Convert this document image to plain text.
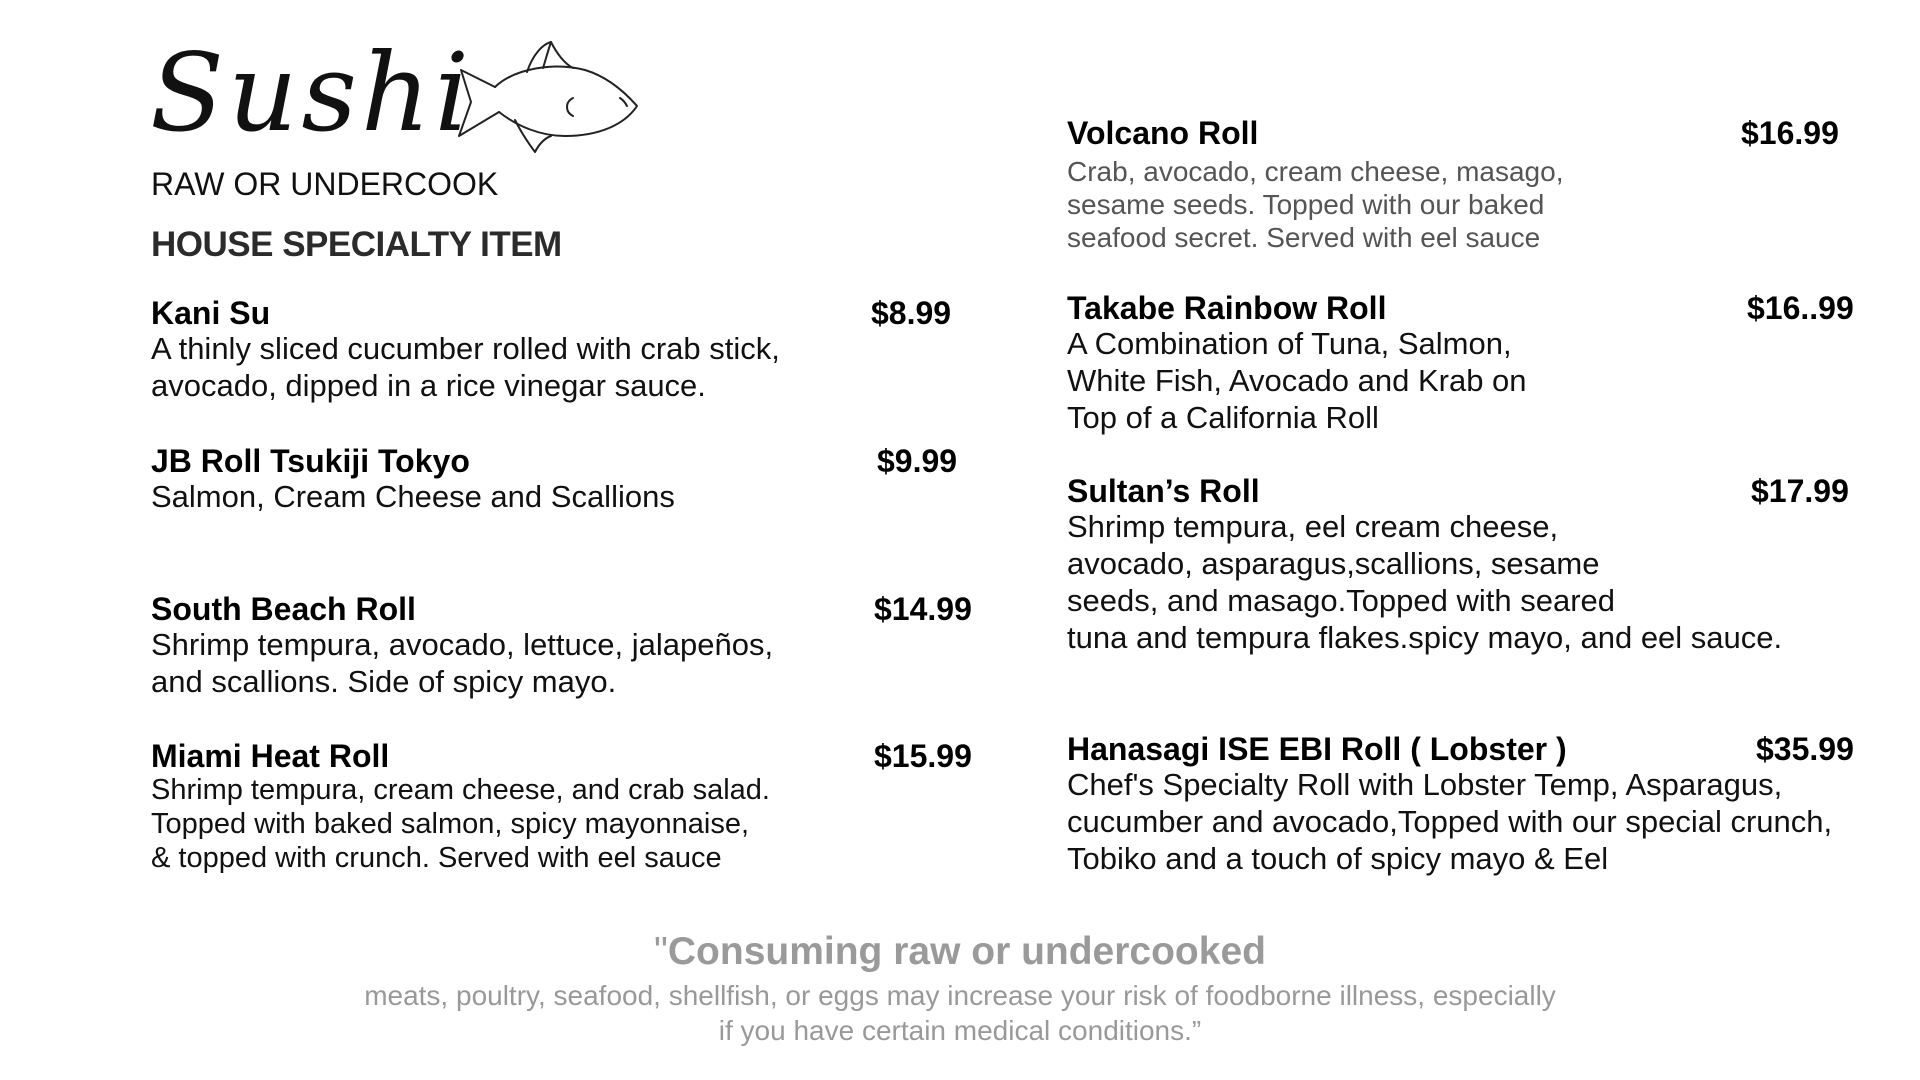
Sushi
RAW OR UNDERCOOK
HOUSE SPECIALTY ITEM
Kani Su	$8.99
A thinly sliced cucumber rolled with crab stick,
avocado, dipped in a rice vinegar sauce.
JB Roll Tsukiji Tokyo	$9.99
Salmon, Cream Cheese and Scallions
South Beach Roll	$14.99
Shrimp tempura, avocado, lettuce, jalapeños,
and scallions. Side of spicy mayo.
Miami Heat Roll	$15.99
Shrimp tempura, cream cheese, and crab salad.
Topped with baked salmon, spicy mayonnaise,
& topped with crunch. Served with eel sauce
Volcano Roll	$16.99
Crab, avocado, cream cheese, masago,
sesame seeds. Topped with our baked
seafood secret. Served with eel sauce
Takabe Rainbow Roll	$16..99
A Combination of Tuna, Salmon,
White Fish, Avocado and Krab on
Top of a California Roll
Sultan’s Roll	$17.99
Shrimp tempura, eel cream cheese,
avocado, asparagus,scallions, sesame
seeds, and masago.Topped with seared
tuna and tempura flakes.spicy mayo, and eel sauce.
Hanasagi ISE EBI Roll ( Lobster )	$35.99
Chef's Specialty Roll with Lobster Temp, Asparagus,
cucumber and avocado,Topped with our special crunch,
Tobiko and a touch of spicy mayo & Eel
"Consuming raw or undercooked
meats, poultry, seafood, shellfish, or eggs may increase your risk of foodborne illness, especially
if you have certain medical conditions.”
